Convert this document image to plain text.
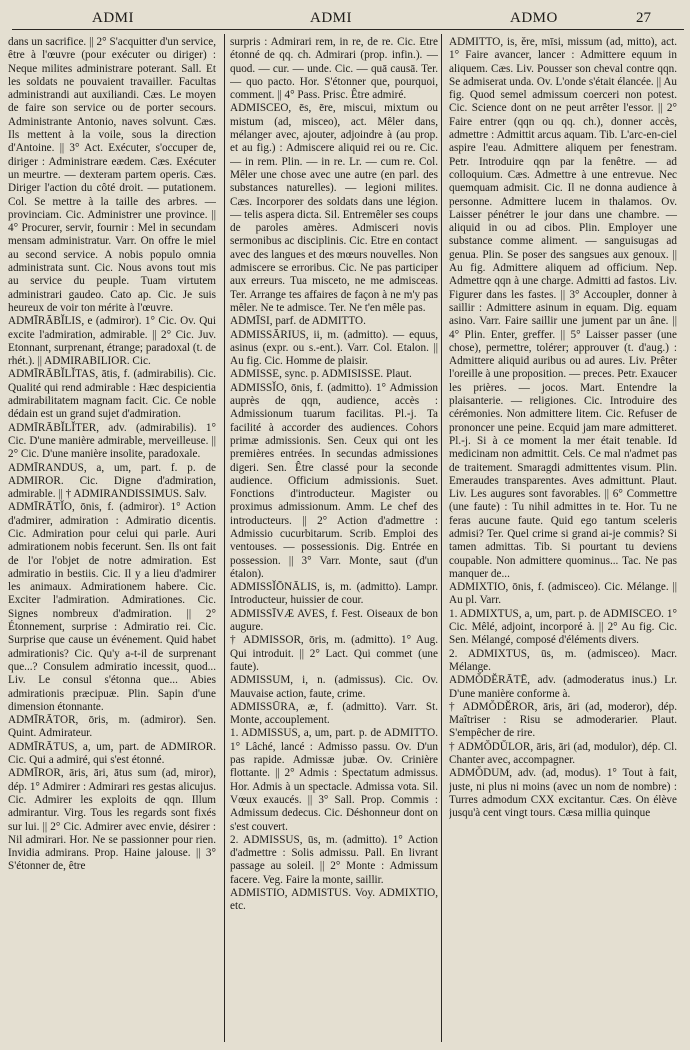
ADMI	ADMI	ADMO	27

dans un sacrifice. || 2° S'acquitter d'un service, être à l'œuvre (pour exécuter ou diriger) : Neque milites administrare poterant. Sall. Et les soldats ne pouvaient travailler. Facultas administrandi aut auxiliandi. Cæs. Le moyen de faire son service ou de porter secours. Administrante Antonio, naves solvunt. Cæs. Ils mettent à la voile, sous la direction d'Antoine. || 3° Act. Exécuter, s'occuper de, diriger : Administrare eædem. Cæs. Exécuter un meurtre. — dexteram partem operis. Cæs. Diriger l'action du côté droit. — putationem. Col. Se mettre à la taille des arbres. — provinciam. Cic. Administrer une province. || 4° Procurer, servir, fournir : Mel in secundam mensam administratur. Varr. On offre le miel au second service. A nobis populo omnia administrata sunt. Cic. Nous avons tout mis au service du peuple. Tuam virtutem administrari gaudeo. Cato ap. Cic. Je suis heureux de voir ton mérite à l'œuvre.

ADMĪRĀBĬLIS, e (admiror). 1° Cic. Ov. Qui excite l'admiration, admirable. || 2° Cic. Juv. Etonnant, surprenant, étrange; paradoxal (t. de rhét.). || ADMIRABILIOR. Cic.

ADMĪRĀBĬLĬTAS, ātis, f. (admirabilis). Cic. Qualité qui rend admirable : Hæc despicientia admirabilitatem magnam facit. Cic. Ce noble dédain est un grand sujet d'admiration.

ADMĪRĀBĬLĬTER, adv. (admirabilis). 1° Cic. D'une manière admirable, merveilleuse. || 2° Cic. D'une manière insolite, paradoxale.

ADMĪRANDUS, a, um, part. f. p. de ADMIROR. Cic. Digne d'admiration, admirable. || † ADMIRANDISSIMUS. Salv.

ADMĪRĀTĬO, ōnis, f. (admiror). 1° Action d'admirer, admiration : Admiratio dicentis. Cic. Admiration pour celui qui parle. Auri admirationem nobis fecerunt. Sen. Ils ont fait de l'or l'objet de notre admiration. Est admiratio in bestiis. Cic. Il y a lieu d'admirer les animaux. Admirationem habere. Cic. Exciter l'admiration. Admirationes. Cic. Signes nombreux d'admiration. || 2° Étonnement, surprise : Admiratio rei. Cic. Surprise que cause un événement. Quid habet admirationis? Cic. Qu'y a-t-il de surprenant que...? Consulem admiratio incessit, quod... Liv. Le consul s'étonna que... Abies admirationis præcipuæ. Plin. Sapin d'une dimension étonnante.

ADMĪRĀTOR, ōris, m. (admiror). Sen. Quint. Admirateur.

ADMĪRĀTUS, a, um, part. de ADMIROR. Cic. Qui a admiré, qui s'est étonné.

ADMĪROR, āris, āri, ātus sum (ad, miror), dép. 1° Admirer : Admirari res gestas alicujus. Cic. Admirer les exploits de qqn. Illum admirantur. Virg. Tous les regards sont fixés sur lui. || 2° Cic. Admirer avec envie, désirer : Nil admirari. Hor. Ne se passionner pour rien. Invidia admirans. Prop. Haine jalouse. || 3° S'étonner de, être

surpris : Admirari rem, in re, de re. Cic. Etre étonné de qq. ch. Admirari (prop. infin.). — quod. — cur. — unde. Cic. — quā causā. Ter. — quo pacto. Hor. S'étonner que, pourquoi, comment. || 4° Pass. Prisc. Être admiré.

ADMISCEO, ēs, ēre, miscui, mixtum ou mistum (ad, misceo), act. Mêler dans, mélanger avec, ajouter, adjoindre à (au prop. et au fig.) : Admiscere aliquid rei ou re. Cic. — in rem. Plin. — in re. Lr. — cum re. Col. Mêler une chose avec une autre (en parl. des substances naturelles). — legioni milites. Cæs. Incorporer des soldats dans une légion. — telis aspera dicta. Sil. Entremêler ses coups de paroles amères. Admisceri novis sermonibus ac disciplinis. Cic. Etre en contact avec des langues et des mœurs nouvelles. Non admiscere se erroribus. Cic. Ne pas participer aux erreurs. Tua misceto, ne me admisceas. Ter. Arrange tes affaires de façon à ne m'y pas mêler. Ne te admisce. Ter. Ne t'en mêle pas.

ADMĪSI, parf. de ADMITTO.

ADMISSĀRIUS, ii, m. (admitto). — equus, asinus (expr. ou s.-ent.). Varr. Col. Etalon. || Au fig. Cic. Homme de plaisir.

ADMISSE, sync. p. ADMISISSE. Plaut.

ADMISSĬO, ōnis, f. (admitto). 1° Admission auprès de qqn, audience, accès : Admissionum tuarum facilitas. Pl.-j. Ta facilité à accorder des audiences. Cohors primæ admissionis. Sen. Ceux qui ont les premières entrées. In secundas admissiones digeri. Sen. Être classé pour la seconde audience. Officium admissionis. Suet. Fonctions d'introducteur. Magister ou proximus admissionum. Amm. Le chef des introducteurs. || 2° Action d'admettre : Admissio cucurbitarum. Scrib. Emploi des ventouses. — possessionis. Dig. Entrée en possession. || 3° Varr. Monte, saut (d'un étalon).

ADMISSĬŌNĀLIS, is, m. (admitto). Lampr. Introducteur, huissier de cour.

ADMISSĪVÆ AVES, f. Fest. Oiseaux de bon augure.

† ADMISSOR, ōris, m. (admitto). 1° Aug. Qui introduit. || 2° Lact. Qui commet (une faute).

ADMISSUM, i, n. (admissus). Cic. Ov. Mauvaise action, faute, crime.

ADMISSŪRA, æ, f. (admitto). Varr. St. Monte, accouplement.

1. ADMISSUS, a, um, part. p. de ADMITTO. 1° Lâché, lancé : Admisso passu. Ov. D'un pas rapide. Admissæ jubæ. Ov. Crinière flottante. || 2° Admis : Spectatum admissus. Hor. Admis à un spectacle. Admissa vota. Sil. Vœux exaucés. || 3° Sall. Prop. Commis : Admissum dedecus. Cic. Déshonneur dont on s'est couvert.

2. ADMISSUS, ūs, m. (admitto). 1° Action d'admettre : Solis admissu. Pall. En livrant passage au soleil. || 2° Monte : Admissum facere. Veg. Faire la monte, saillir.

ADMISTIO, ADMISTUS. Voy. ADMIXTIO, etc.

ADMITTO, is, ĕre, mīsi, missum (ad, mitto), act. 1° Faire avancer, lancer : Admittere equum in aliquem. Cæs. Liv. Pousser son cheval contre qqn. Se admiserat unda. Ov. L'onde s'était élancée. || Au fig. Quod semel admissum coerceri non potest. Cic. Science dont on ne peut arrêter l'essor. || 2° Faire entrer (qqn ou qq. ch.), donner accès, admettre : Admittit arcus aquam. Tib. L'arc-en-ciel aspire l'eau. Admittere aliquem per fenestram. Petr. Introduire qqn par la fenêtre. — ad colloquium. Cæs. Admettre à une entrevue. Nec quemquam admisit. Cic. Il ne donna audience à personne. Admittere lucem in thalamos. Ov. Laisser pénétrer le jour dans une chambre. — aliquid in ou ad cibos. Plin. Employer une substance comme aliment. — sanguisugas ad genua. Plin. Se poser des sangsues aux genoux. || Au fig. Admittere aliquem ad officium. Nep. Admettre qqn à une charge. Admitti ad fastos. Liv. Figurer dans les fastes. || 3° Accoupler, donner à saillir : Admittere asinum in equam. Dig. equam asino. Varr. Faire saillir une jument par un âne. || 4° Plin. Enter, greffer. || 5° Laisser passer (une chose), permettre, tolérer; approuver (t. d'aug.) : Admittere aliquid auribus ou ad aures. Liv. Prêter l'oreille à une proposition. — preces. Petr. Exaucer les prières. — jocos. Mart. Entendre la plaisanterie. — religiones. Cic. Introduire des cérémonies. Non admittere litem. Cic. Refuser de prononcer une peine. Ecquid jam mare admitteret. Pl.-j. Si à ce moment la mer était tenable. Id medicinam non admittit. Cels. Ce mal n'admet pas de traitement. Smaragdi admittentes visum. Plin. Emeraudes transparentes. Aves admittunt. Plaut. Liv. Les augures sont favorables. || 6° Commettre (une faute) : Tu nihil admittes in te. Hor. Tu ne feras aucune faute. Quid ego tantum sceleris admisi? Ter. Quel crime si grand ai-je commis? Si tamen admittas. Tib. Si pourtant tu deviens coupable. Non admittere quominus... Tac. Ne pas manquer de...

ADMIXTIO, ōnis, f. (admisceo). Cic. Mélange. || Au pl. Varr.

1. ADMIXTUS, a, um, part. p. de ADMISCEO. 1° Cic. Mêlé, adjoint, incorporé à. || 2° Au fig. Cic. Sen. Mélangé, composé d'éléments divers.

2. ADMIXTUS, ūs, m. (admisceo). Macr. Mélange.

ADMŎDĔRĀTĒ, adv. (admoderatus inus.) Lr. D'une manière conforme à.

† ADMŎDĔROR, āris, āri (ad, moderor), dép. Maîtriser : Risu se admoderarier. Plaut. S'empêcher de rire.

† ADMŎDŬLOR, āris, āri (ad, modulor), dép. Cl. Chanter avec, accompagner.

ADMŎDUM, adv. (ad, modus). 1° Tout à fait, juste, ni plus ni moins (avec un nom de nombre) : Turres admodum CXX excitantur. Cæs. On élève jusqu'à cent vingt tours. Cæsa millia quinque
